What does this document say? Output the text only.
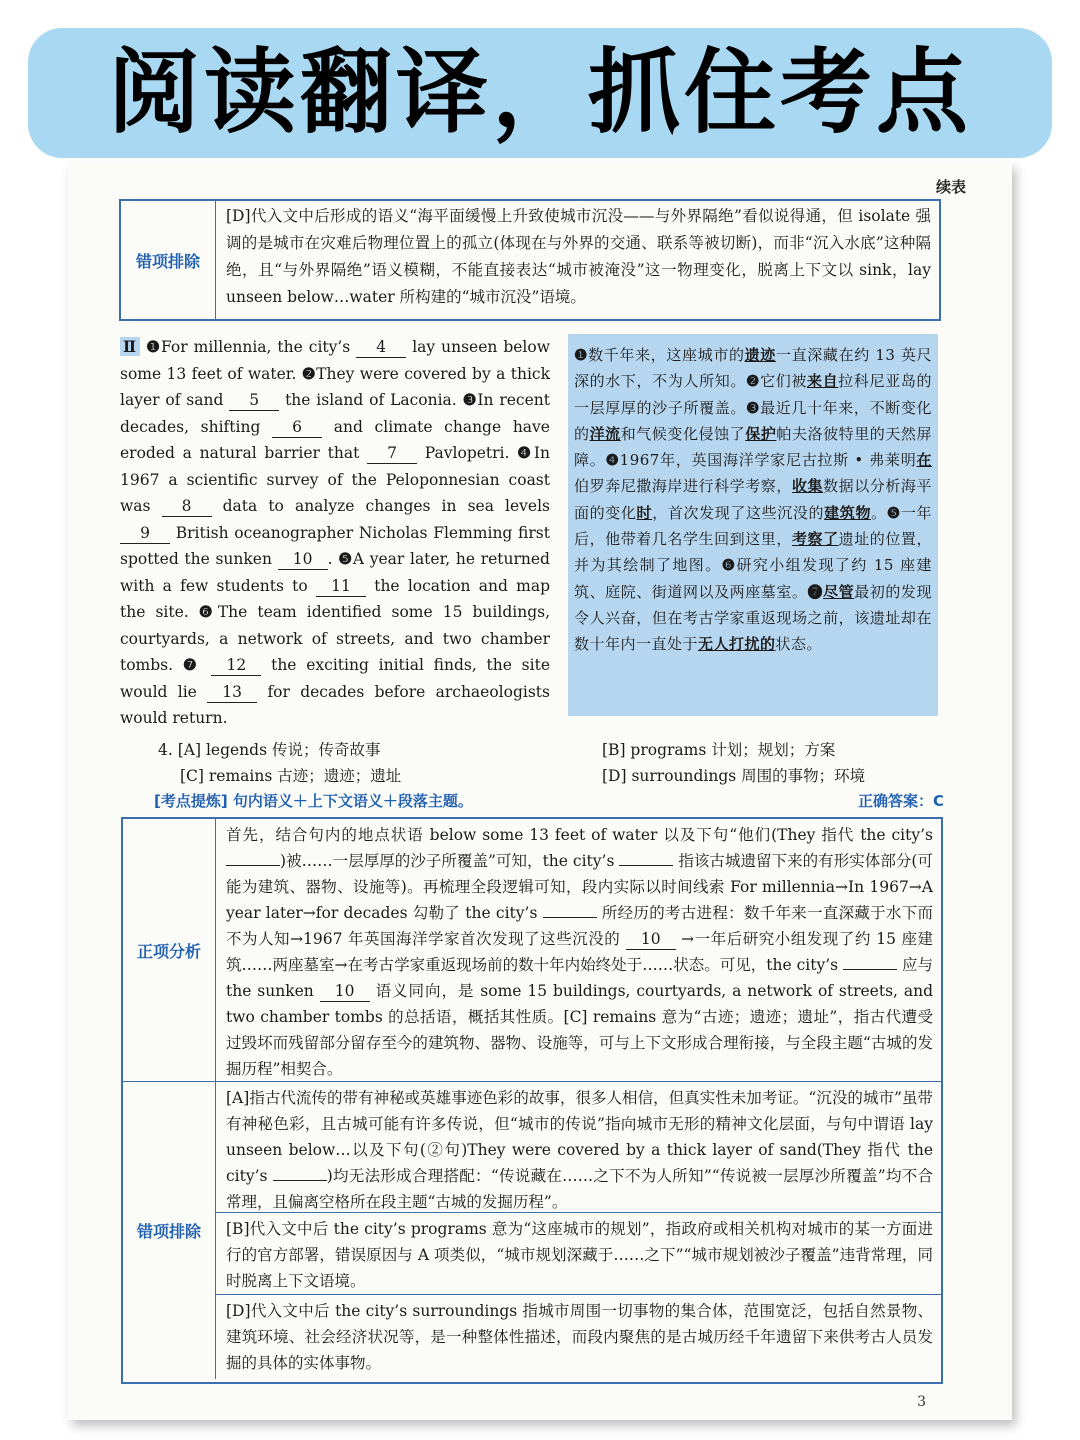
阅读翻译，抓住考点
续表
错项排除
[D]代入文中后形成的语义“海平面缓慢上升致使城市沉没——与外界隔绝”看似说得通，但 isolate 强调的是城市在灾难后物理位置上的孤立(体现在与外界的交通、联系等被切断)，而非“沉入水底”这种隔绝，且“与外界隔绝”语义模糊，不能直接表达“城市被淹没”这一物理变化，脱离上下文以 sink，lay unseen below…water 所构建的“城市沉没”语境。
Ⅱ ❶For millennia, the city’s 4 lay unseen below some 13 feet of water. ❷They were covered by a thick layer of sand 5 the island of Laconia. ❸In recent decades, shifting 6 and climate change have eroded a natural barrier that 7 Pavlopetri. ❹In 1967 a scientific survey of the Peloponnesian coast was 8 data to analyze changes in sea levels 9 British oceanographer Nicholas Flemming first spotted the sunken 10 . ❺A year later, he returned with a few students to 11 the location and map the site. ❻The team identified some 15 buildings, courtyards, a network of streets, and two chamber tombs. ❼ 12 the exciting initial finds, the site would lie 13 for decades before archaeologists would return.
❶数千年来，这座城市的遗迹一直深藏在约 13 英尺深的水下，不为人所知。❷它们被来自拉科尼亚岛的一层厚厚的沙子所覆盖。❸最近几十年来，不断变化的洋流和气候变化侵蚀了保护帕夫洛彼特里的天然屏障。❹1967年，英国海洋学家尼古拉斯 • 弗莱明在伯罗奔尼撒海岸进行科学考察，收集数据以分析海平面的变化时，首次发现了这些沉没的建筑物。❺一年后，他带着几名学生回到这里，考察了遗址的位置，并为其绘制了地图。❻研究小组发现了约 15 座建筑、庭院、街道网以及两座墓室。❼尽管最初的发现令人兴奋，但在考古学家重返现场之前，该遗址却在数十年内一直处于无人打扰的状态。
4. [A] legends 传说；传奇故事
[C] remains 古迹；遗迹；遗址
[B] programs 计划；规划；方案
[D] surroundings 周围的事物；环境
[考点提炼] 句内语义＋上下文语义＋段落主题。	正确答案：C
正项分析
首先，结合句内的地点状语 below some 13 feet of water 以及下句“他们(They 指代 the city’s )被……一层厚厚的沙子所覆盖”可知，the city’s	指该古城遗留下来的有形实体部分(可能为建筑、器物、设施等)。再梳理全段逻辑可知，段内实际以时间线索 For millennia→In 1967→A year later→for decades 勾勒了 the city’s	所经历的考古进程：数千年来一直深藏于水下而不为人知→1967 年英国海洋学家首次发现了这些沉没的 10 →一年后研究小组发现了约 15 座建筑……两座墓室→在考古学家重返现场前的数十年内始终处于……状态。可见，the city’s	应与 the sunken 10 语义同向，是 some 15 buildings, courtyards, a network of streets, and two chamber tombs 的总括语，概括其性质。[C] remains 意为“古迹；遗迹；遗址”，指古代遭受过毁坏而残留部分留存至今的建筑物、器物、设施等，可与上下文形成合理衔接，与全段主题“古城的发掘历程”相契合。
错项排除
[A]指古代流传的带有神秘或英雄事迹色彩的故事，很多人相信，但真实性未加考证。“沉没的城市”虽带有神秘色彩，且古城可能有许多传说，但“城市的传说”指向城市无形的精神文化层面，与句中谓语 lay unseen below…以及下句(②句)They were covered by a thick layer of sand(They 指代 the city’s	)均无法形成合理搭配：“传说藏在……之下不为人所知”“传说被一层厚沙所覆盖”均不合常理，且偏离空格所在段主题“古城的发掘历程”。
[B]代入文中后 the city’s programs 意为“这座城市的规划”，指政府或相关机构对城市的某一方面进行的官方部署，错误原因与 A 项类似，“城市规划深藏于……之下”“城市规划被沙子覆盖”违背常理，同时脱离上下文语境。
[D]代入文中后 the city’s surroundings 指城市周围一切事物的集合体，范围宽泛，包括自然景物、建筑环境、社会经济状况等，是一种整体性描述，而段内聚焦的是古城历经千年遗留下来供考古人员发掘的具体的实体事物。
3
